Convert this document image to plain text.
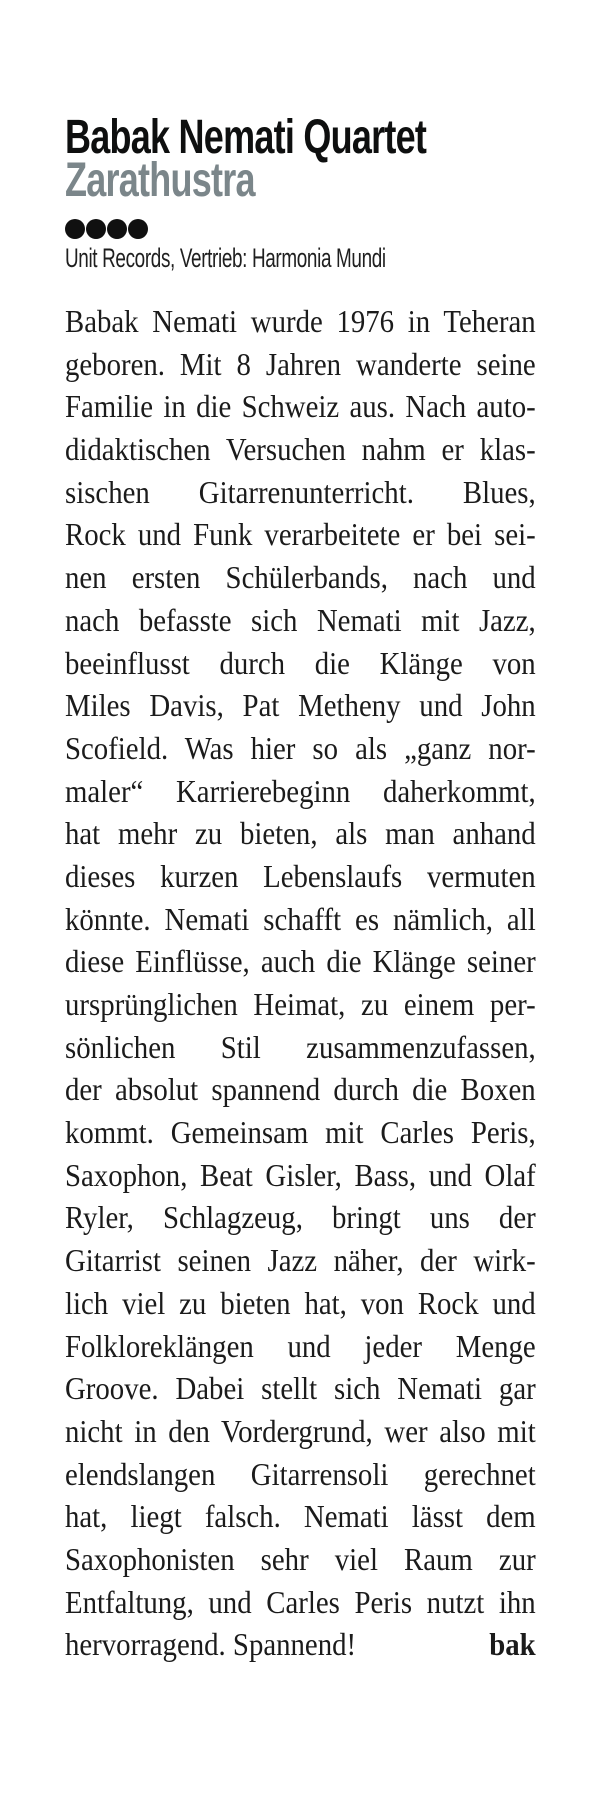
Babak Nemati Quartet
Zarathustra
Unit Records, Vertrieb: Harmonia Mundi
Babak Nemati wurde 1976 in Teheran
geboren. Mit 8 Jahren wanderte seine
Familie in die Schweiz aus. Nach auto-
didaktischen Versuchen nahm er klas-
sischen Gitarrenunterricht. Blues,
Rock und Funk verarbeitete er bei sei-
nen ersten Schülerbands, nach und
nach befasste sich Nemati mit Jazz,
beeinflusst durch die Klänge von
Miles Davis, Pat Metheny und John
Scofield. Was hier so als „ganz nor-
maler“ Karrierebeginn daherkommt,
hat mehr zu bieten, als man anhand
dieses kurzen Lebenslaufs vermuten
könnte. Nemati schafft es nämlich, all
diese Einflüsse, auch die Klänge seiner
ursprünglichen Heimat, zu einem per-
sönlichen Stil zusammenzufassen,
der absolut spannend durch die Boxen
kommt. Gemeinsam mit Carles Peris,
Saxophon, Beat Gisler, Bass, und Olaf
Ryler, Schlagzeug, bringt uns der
Gitarrist seinen Jazz näher, der wirk-
lich viel zu bieten hat, von Rock und
Folkloreklängen und jeder Menge
Groove. Dabei stellt sich Nemati gar
nicht in den Vordergrund, wer also mit
elendslangen Gitarrensoli gerechnet
hat, liegt falsch. Nemati lässt dem
Saxophonisten sehr viel Raum zur
Entfaltung, und Carles Peris nutzt ihn
hervorragend. Spannend!	bak
